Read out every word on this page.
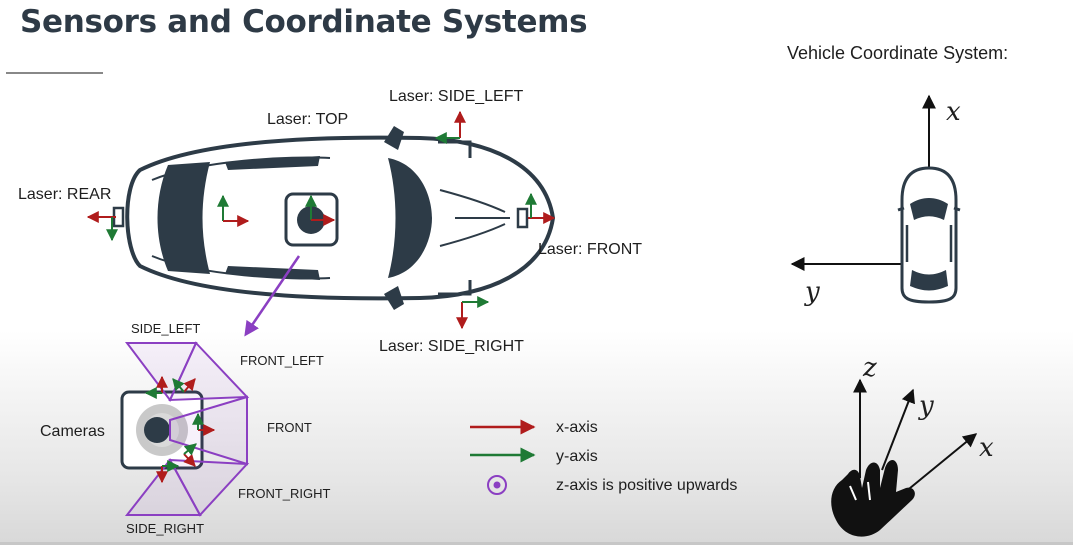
Sensors and Coordinate Systems
Laser: TOP
Laser: SIDE_LEFT
Laser: REAR
Laser: FRONT
Laser: SIDE_RIGHT
SIDE_LEFT
FRONT_LEFT
FRONT
FRONT_RIGHT
SIDE_RIGHT
Cameras	x-axis
y-axis
z-axis is positive upwards
Vehicle Coordinate System:
x
y
z
y
x
